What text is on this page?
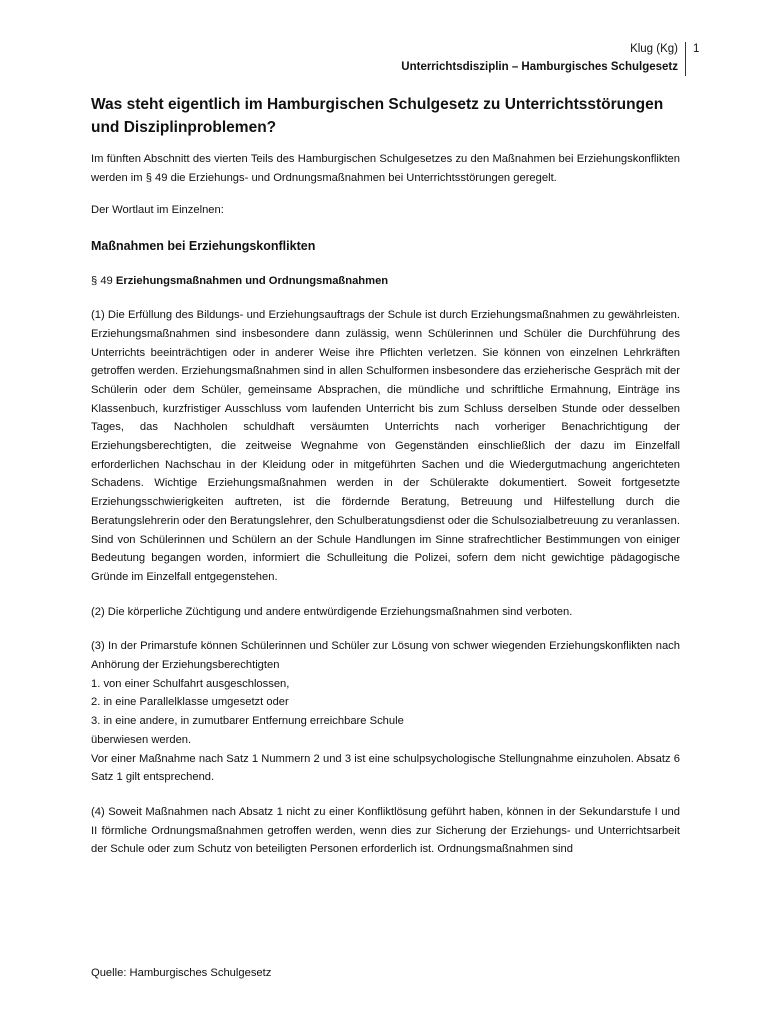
Klug (Kg)
Unterrichtsdisziplin – Hamburgisches Schulgesetz
1
Was steht eigentlich im Hamburgischen Schulgesetz zu Unterrichtsstörungen und Disziplinproblemen?

Im fünften Abschnitt des vierten Teils des Hamburgischen Schulgesetzes zu den Maßnahmen bei Erziehungskonflikten werden im § 49 die Erziehungs- und Ordnungsmaßnahmen bei Unterrichtsstörungen geregelt.

Der Wortlaut im Einzelnen:

Maßnahmen bei Erziehungskonflikten
§ 49 Erziehungsmaßnahmen und Ordnungsmaßnahmen

(1) Die Erfüllung des Bildungs- und Erziehungsauftrags der Schule ist durch Erziehungsmaßnahmen zu gewährleisten. Erziehungsmaßnahmen sind insbesondere dann zulässig, wenn Schülerinnen und Schüler die Durchführung des Unterrichts beeinträchtigen oder in anderer Weise ihre Pflichten verletzen. Sie können von einzelnen Lehrkräften getroffen werden. Erziehungsmaßnahmen sind in allen Schulformen insbesondere das erzieherische Gespräch mit der Schülerin oder dem Schüler, gemeinsame Absprachen, die mündliche und schriftliche Ermahnung, Einträge ins Klassenbuch, kurzfristiger Ausschluss vom laufenden Unterricht bis zum Schluss derselben Stunde oder desselben Tages, das Nachholen schuldhaft versäumten Unterrichts nach vorheriger Benachrichtigung der Erziehungsberechtigten, die zeitweise Wegnahme von Gegenständen einschließlich der dazu im Einzelfall erforderlichen Nachschau in der Kleidung oder in mitgeführten Sachen und die Wiedergutmachung angerichteten Schadens. Wichtige Erziehungsmaßnahmen werden in der Schülerakte dokumentiert. Soweit fortgesetzte Erziehungsschwierigkeiten auftreten, ist die fördernde Beratung, Betreuung und Hilfestellung durch die Beratungslehrerin oder den Beratungslehrer, den Schulberatungsdienst oder die Schulsozialbetreuung zu veranlassen. Sind von Schülerinnen und Schülern an der Schule Handlungen im Sinne strafrechtlicher Bestimmungen von einiger Bedeutung begangen worden, informiert die Schulleitung die Polizei, sofern dem nicht gewichtige pädagogische Gründe im Einzelfall entgegenstehen.

(2) Die körperliche Züchtigung und andere entwürdigende Erziehungsmaßnahmen sind verboten.

(3) In der Primarstufe können Schülerinnen und Schüler zur Lösung von schwer wiegenden Erziehungskonflikten nach Anhörung der Erziehungsberechtigten

1. von einer Schulfahrt ausgeschlossen,
2. in eine Parallelklasse umgesetzt oder
3. in eine andere, in zumutbarer Entfernung erreichbare Schule
überwiesen werden.

Vor einer Maßnahme nach Satz 1 Nummern 2 und 3 ist eine schulpsychologische Stellungnahme einzuholen. Absatz 6 Satz 1 gilt entsprechend.

(4) Soweit Maßnahmen nach Absatz 1 nicht zu einer Konfliktlösung geführt haben, können in der Sekundarstufe I und II förmliche Ordnungsmaßnahmen getroffen werden, wenn dies zur Sicherung der Erziehungs- und Unterrichtsarbeit der Schule oder zum Schutz von beteiligten Personen erforderlich ist. Ordnungsmaßnahmen sind

Quelle: Hamburgisches Schulgesetz
